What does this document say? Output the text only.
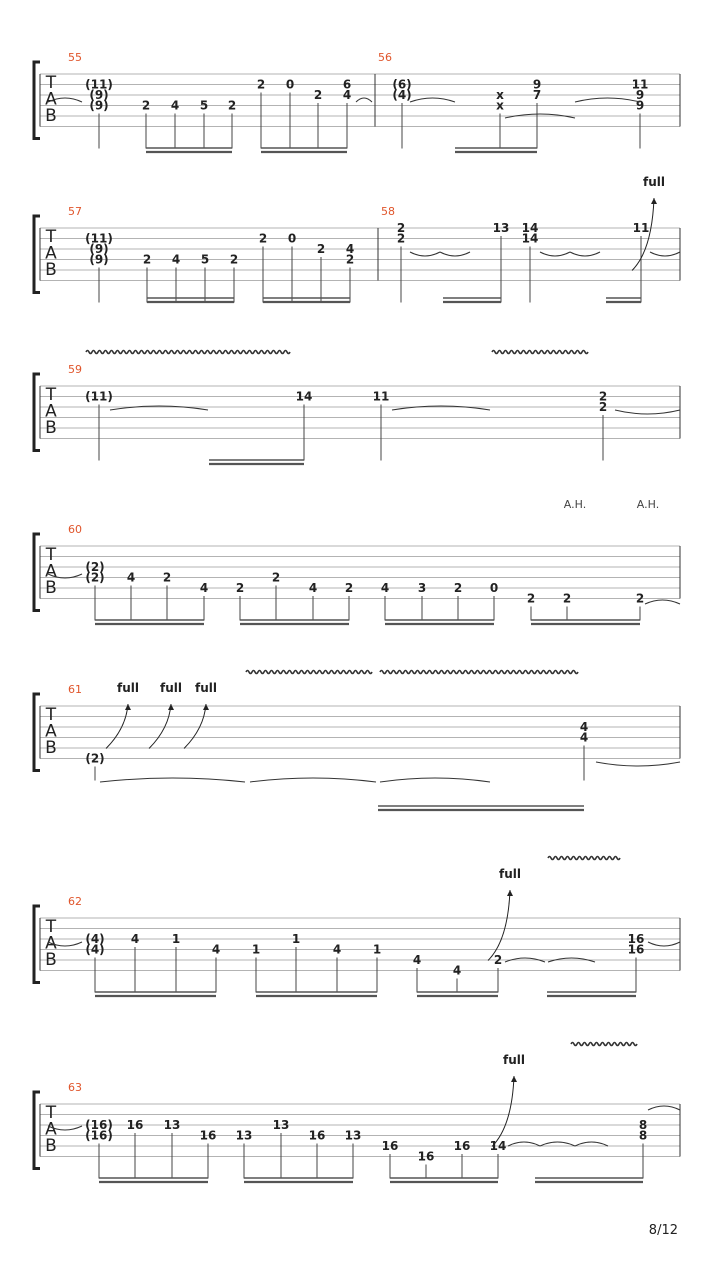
T
A
B
55
(11)
(9)
(9)	2 4 5 2
2 0
2
6
4
56
(6)
(4)	x
x
9
7
11
9
9
T
A
B
57
(11)
(9)
(9)	2 4 5 2
2 0
2 4
2
58
2
2
13 14
14
11
full
T
A
B
59
(11)	14	11	2
2
T
A
B
60
(2)
(2) 4 2
4 2
2
4 2 4 3 2 0
2 2	2
A.H.	A.H.
T
A
B
61
(2)
4
4
full full full
T
A
B
62
(4)
(4)
4	1
4	1
1
4	1
4
4
2
16
16
full
T
A
B
63
(16)
(16)
16 13
16 13
13
16 13
16
16
16 14
8
8
full
8/12
